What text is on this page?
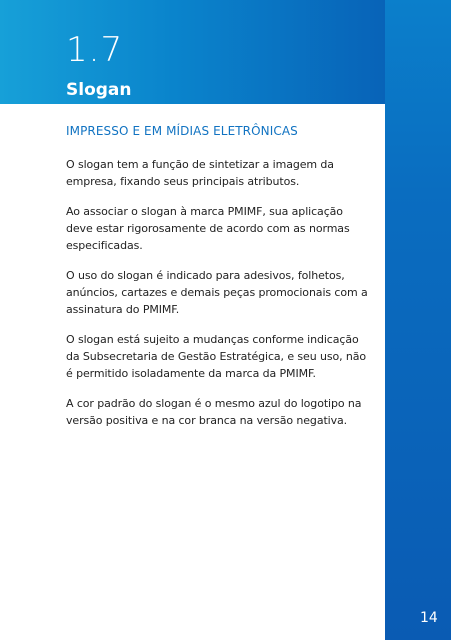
1.7
Slogan
IMPRESSO E EM MÍDIAS ELETRÔNICAS

O slogan tem a função de sintetizar a imagem da empresa, fixando seus principais atributos.

Ao associar o slogan à marca PMIMF, sua aplicação deve estar rigorosamente de acordo com as normas especificadas.

O uso do slogan é indicado para adesivos, folhetos, anúncios, cartazes e demais peças promocionais com a assinatura do PMIMF.

O slogan está sujeito a mudanças conforme indicação da Subsecretaria de Gestão Estratégica, e seu uso, não é permitido isoladamente da marca da PMIMF.

A cor padrão do slogan é o mesmo azul do logotipo na versão positiva e na cor branca na versão negativa.

14
